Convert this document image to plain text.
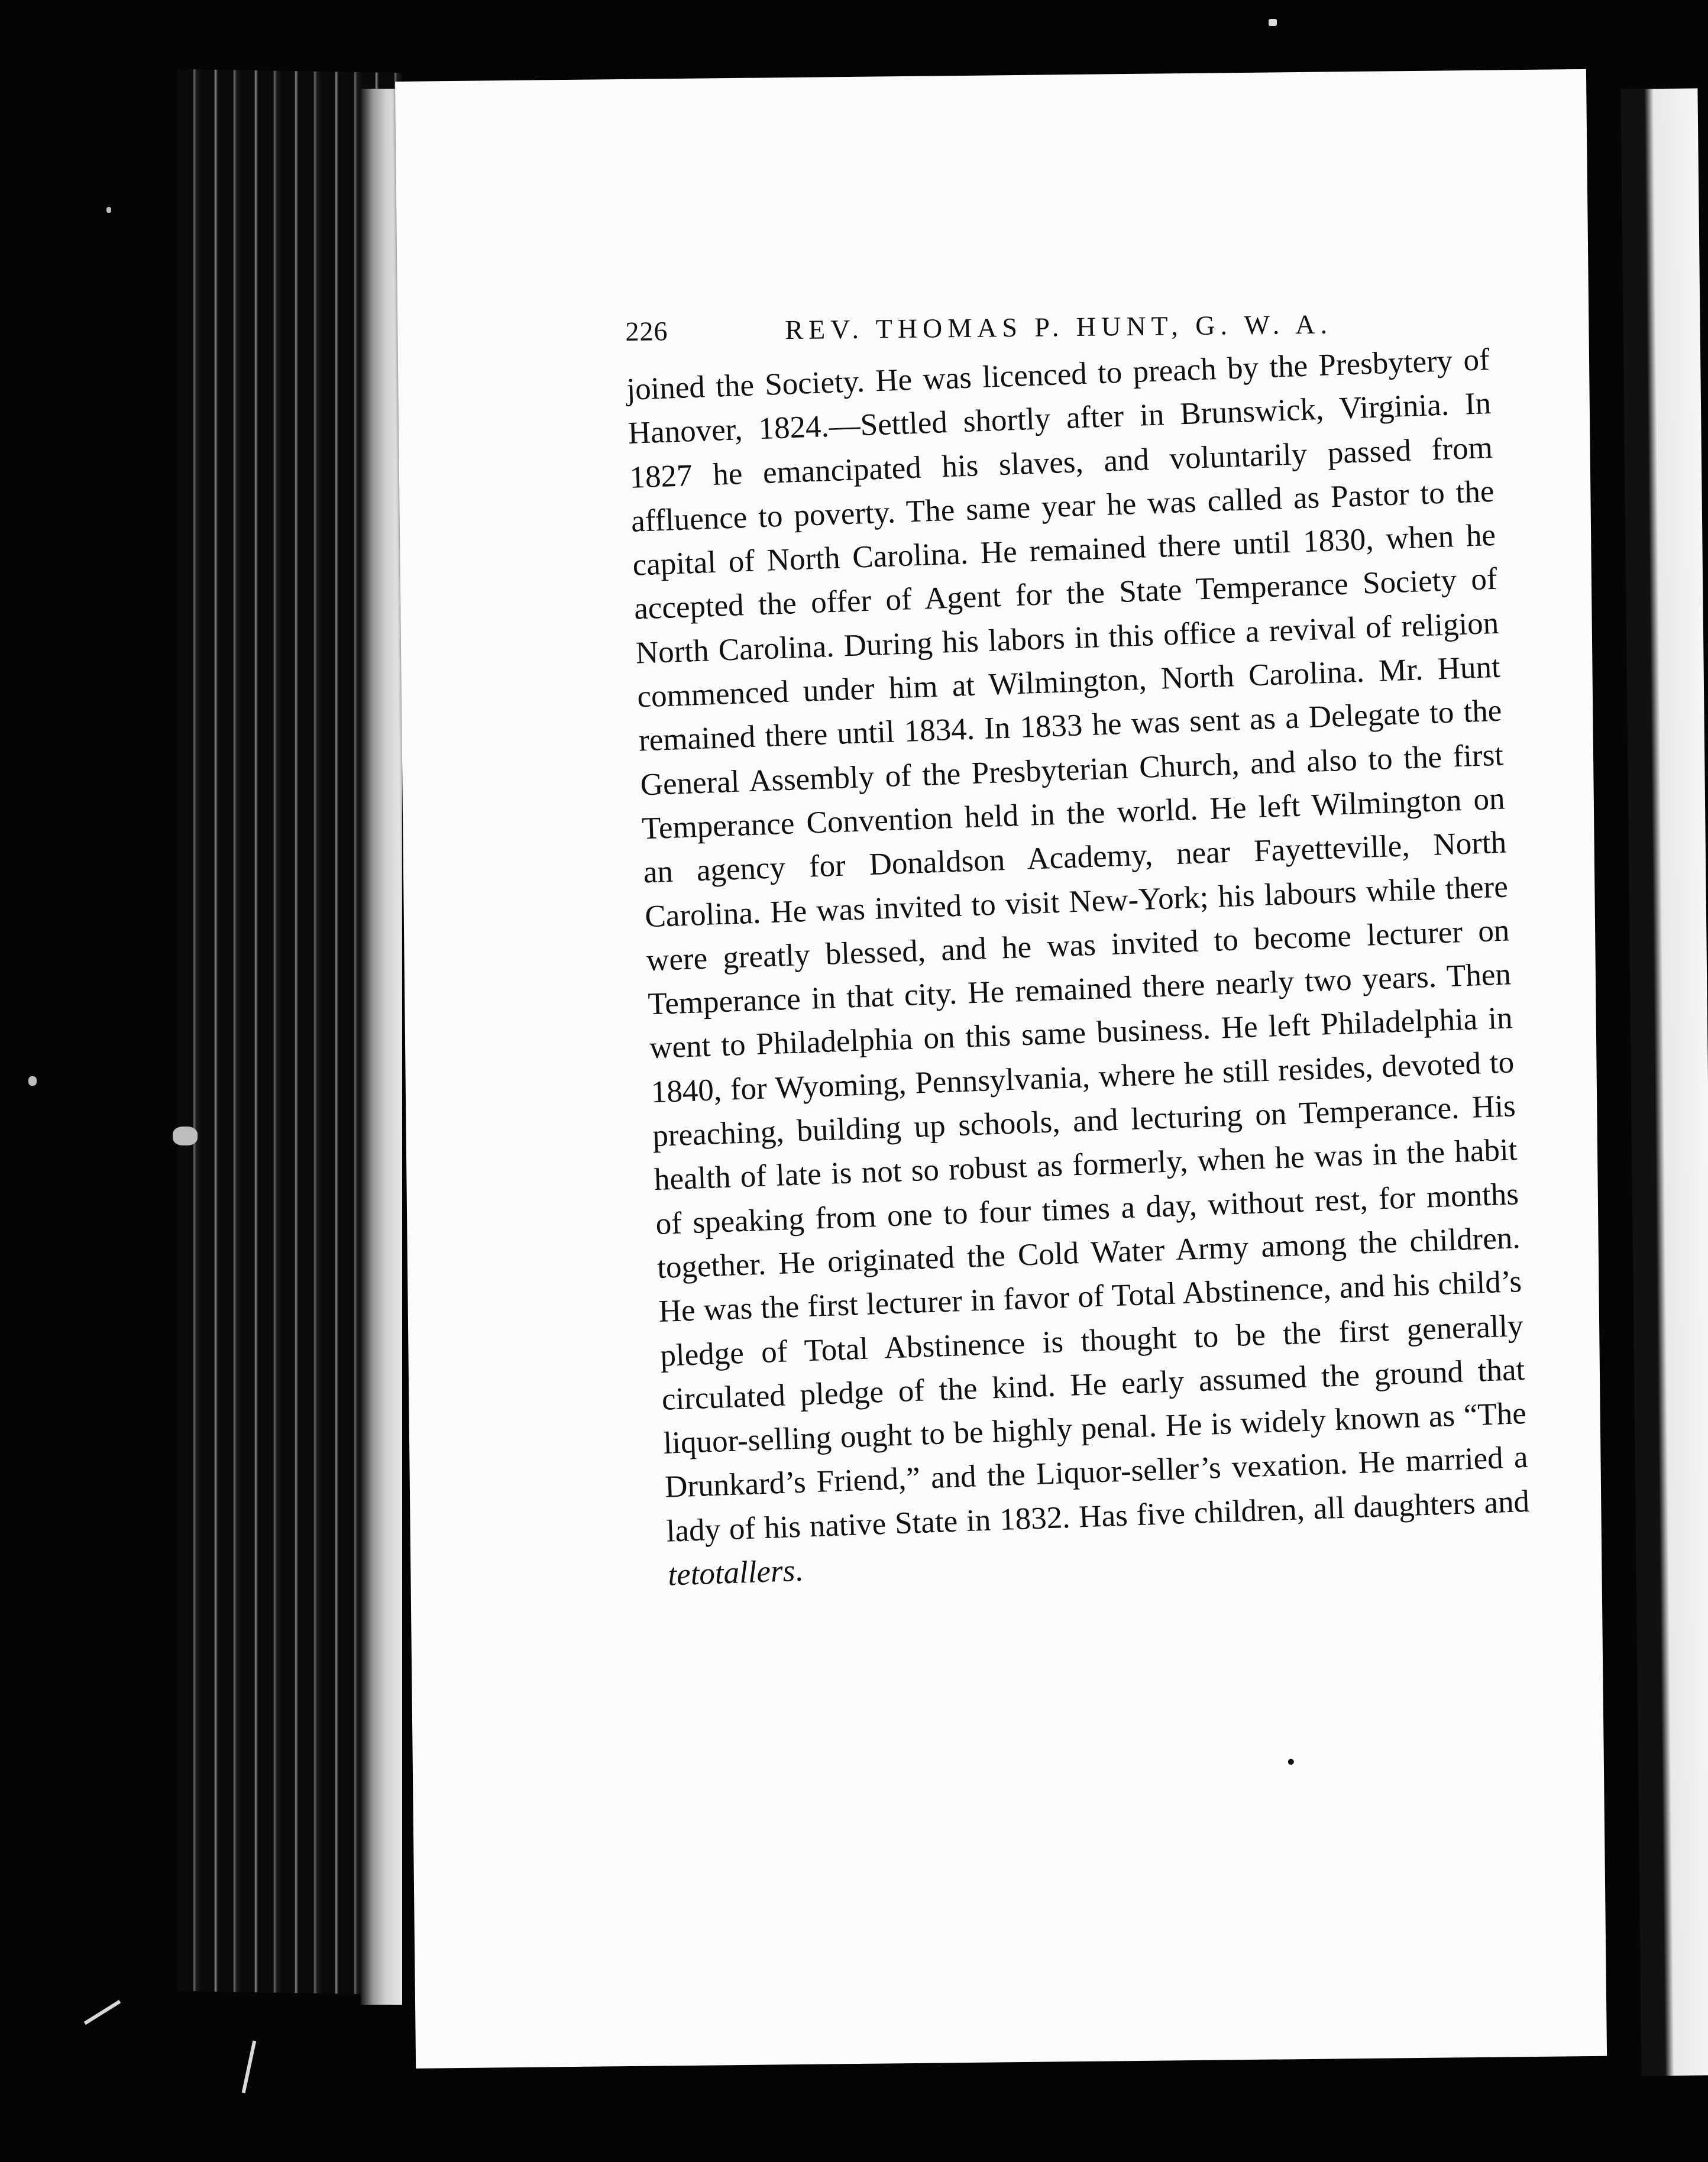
226	REV. THOMAS P. HUNT, G. W. A.

joined the Society. He was licenced to preach by the Presbytery of Hanover, 1824.—Settled shortly after in Brunswick, Virginia. In 1827 he emancipated his slaves, and voluntarily passed from affluence to poverty. The same year he was called as Pastor to the capital of North Carolina. He remained there until 1830, when he accepted the offer of Agent for the State Temperance Society of North Carolina. During his labors in this office a revival of religion commenced under him at Wilmington, North Carolina. Mr. Hunt remained there until 1834. In 1833 he was sent as a Delegate to the General Assembly of the Presbyterian Church, and also to the first Temperance Convention held in the world. He left Wilmington on an agency for Donaldson Academy, near Fayetteville, North Carolina. He was invited to visit New-York; his labours while there were greatly blessed, and he was invited to become lecturer on Temperance in that city. He remained there nearly two years. Then went to Philadelphia on this same business. He left Philadelphia in 1840, for Wyoming, Pennsylvania, where he still resides, devoted to preaching, building up schools, and lecturing on Temperance. His health of late is not so robust as formerly, when he was in the habit of speaking from one to four times a day, without rest, for months together. He originated the Cold Water Army among the children. He was the first lecturer in favor of Total Abstinence, and his child’s pledge of Total Abstinence is thought to be the first generally circulated pledge of the kind. He early assumed the ground that liquor-selling ought to be highly penal. He is widely known as “The Drunkard’s Friend,” and the Liquor-seller’s vexation. He married a lady of his native State in 1832. Has five children, all daughters and tetotallers.
